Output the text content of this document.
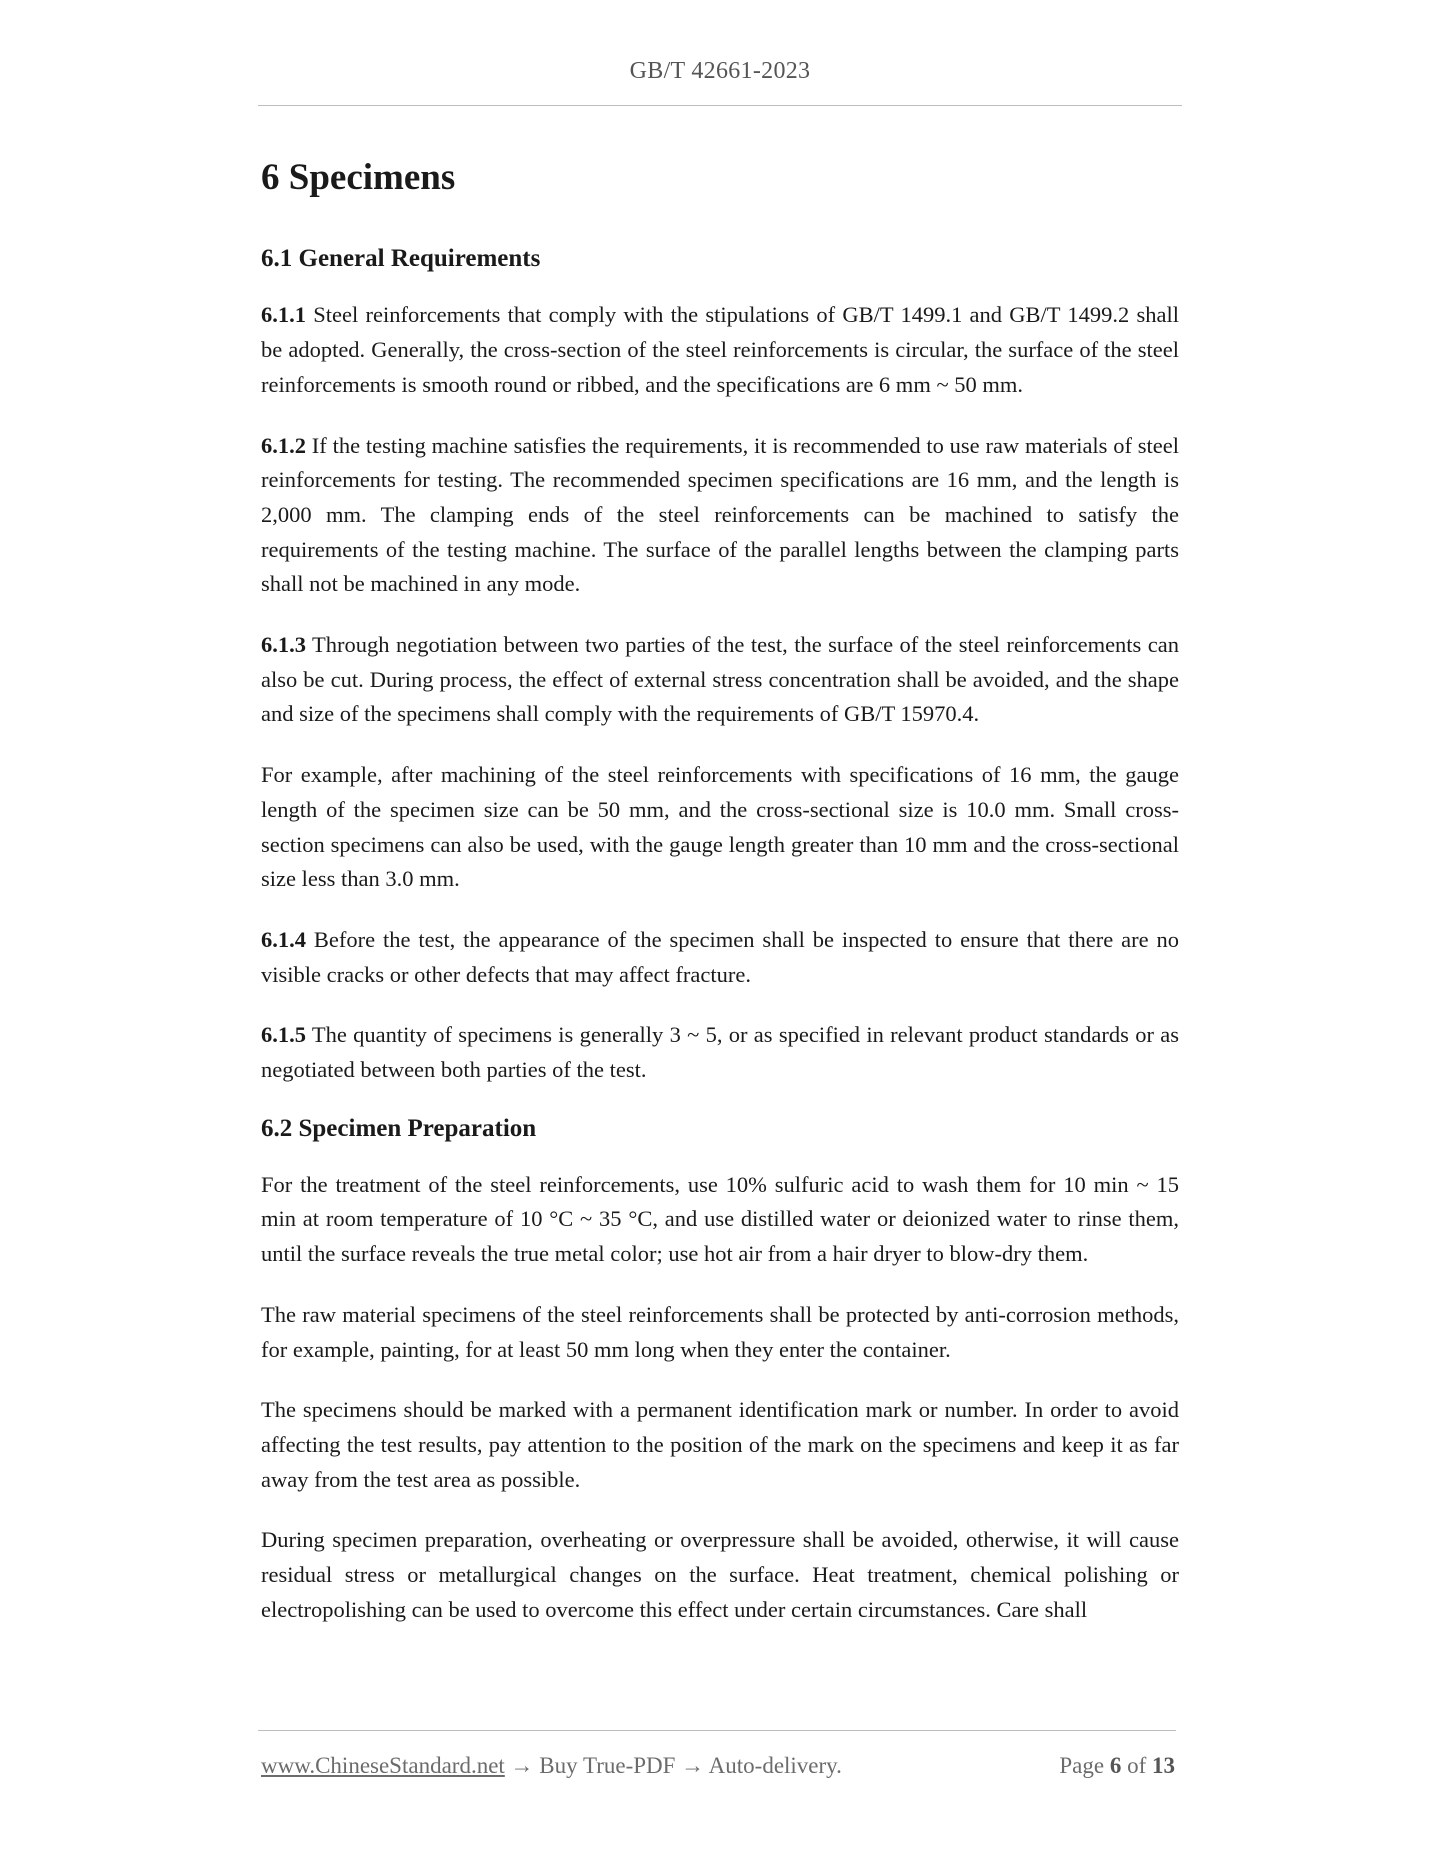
GB/T 42661-2023
6 Specimens
6.1 General Requirements

6.1.1 Steel reinforcements that comply with the stipulations of GB/T 1499.1 and GB/T 1499.2 shall be adopted. Generally, the cross-section of the steel reinforcements is circular, the surface of the steel reinforcements is smooth round or ribbed, and the specifications are 6 mm ~ 50 mm.

6.1.2 If the testing machine satisfies the requirements, it is recommended to use raw materials of steel reinforcements for testing. The recommended specimen specifications are 16 mm, and the length is 2,000 mm. The clamping ends of the steel reinforcements can be machined to satisfy the requirements of the testing machine. The surface of the parallel lengths between the clamping parts shall not be machined in any mode.

6.1.3 Through negotiation between two parties of the test, the surface of the steel reinforcements can also be cut. During process, the effect of external stress concentration shall be avoided, and the shape and size of the specimens shall comply with the requirements of GB/T 15970.4.

For example, after machining of the steel reinforcements with specifications of 16 mm, the gauge length of the specimen size can be 50 mm, and the cross-sectional size is 10.0 mm. Small cross-section specimens can also be used, with the gauge length greater than 10 mm and the cross-sectional size less than 3.0 mm.

6.1.4 Before the test, the appearance of the specimen shall be inspected to ensure that there are no visible cracks or other defects that may affect fracture.

6.1.5 The quantity of specimens is generally 3 ~ 5, or as specified in relevant product standards or as negotiated between both parties of the test.

6.2 Specimen Preparation

For the treatment of the steel reinforcements, use 10% sulfuric acid to wash them for 10 min ~ 15 min at room temperature of 10 °C ~ 35 °C, and use distilled water or deionized water to rinse them, until the surface reveals the true metal color; use hot air from a hair dryer to blow-dry them.

The raw material specimens of the steel reinforcements shall be protected by anti-corrosion methods, for example, painting, for at least 50 mm long when they enter the container.

The specimens should be marked with a permanent identification mark or number. In order to avoid affecting the test results, pay attention to the position of the mark on the specimens and keep it as far away from the test area as possible.

During specimen preparation, overheating or overpressure shall be avoided, otherwise, it will cause residual stress or metallurgical changes on the surface. Heat treatment, chemical polishing or electropolishing can be used to overcome this effect under certain circumstances. Care shall

www.ChineseStandard.net → Buy True-PDF → Auto-delivery.	Page 6 of 13
